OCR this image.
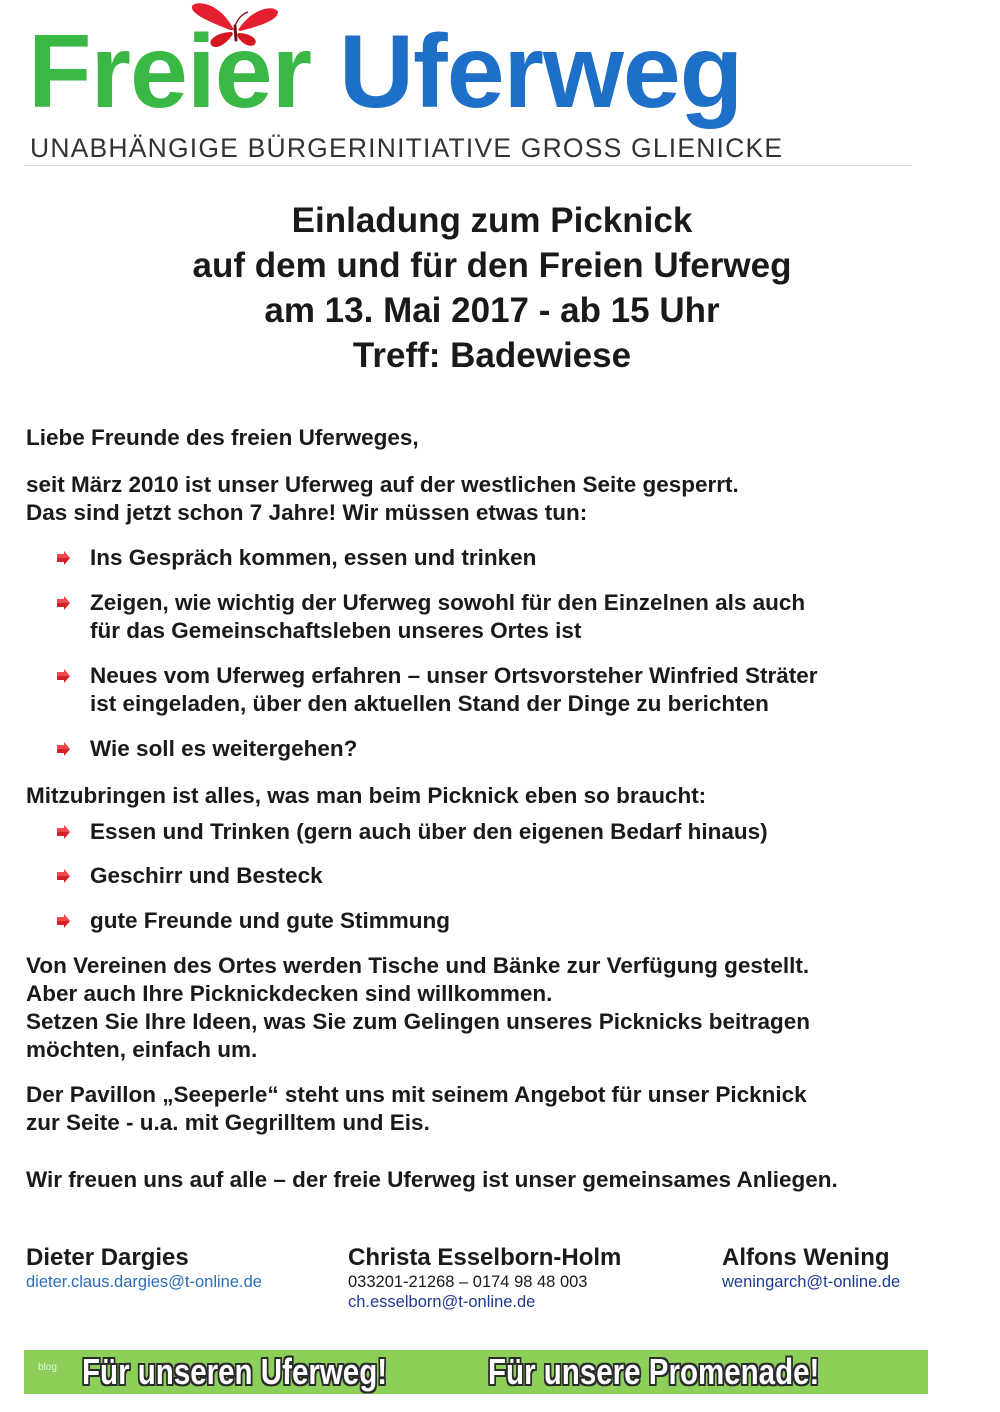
Freier Uferweg
UNABHÄNGIGE BÜRGERINITIATIVE GROSS GLIENICKE
Einladung zum Picknick
auf dem und für den Freien Uferweg
am 13. Mai 2017 - ab 15 Uhr
Treff: Badewiese
Liebe Freunde des freien Uferweges,
seit März 2010 ist unser Uferweg auf der westlichen Seite gesperrt.
Das sind jetzt schon 7 Jahre! Wir müssen etwas tun:
Ins Gespräch kommen, essen und trinken
Zeigen, wie wichtig der Uferweg sowohl für den Einzelnen als auch
für das Gemeinschaftsleben unseres Ortes ist
Neues vom Uferweg erfahren – unser Ortsvorsteher Winfried Sträter
ist eingeladen, über den aktuellen Stand der Dinge zu berichten
Wie soll es weitergehen?
Mitzubringen ist alles, was man beim Picknick eben so braucht:
Essen und Trinken (gern auch über den eigenen Bedarf hinaus)
Geschirr und Besteck
gute Freunde und gute Stimmung
Von Vereinen des Ortes werden Tische und Bänke zur Verfügung gestellt.
Aber auch Ihre Picknickdecken sind willkommen.
Setzen Sie Ihre Ideen, was Sie zum Gelingen unseres Picknicks beitragen
möchten, einfach um.
Der Pavillon „Seeperle“ steht uns mit seinem Angebot für unser Picknick
zur Seite - u.a. mit Gegrilltem und Eis.
Wir freuen uns auf alle – der freie Uferweg ist unser gemeinsames Anliegen.
Dieter Dargies
dieter.claus.dargies@t-online.de
Christa Esselborn-Holm
033201-21268 – 0174 98 48 003
ch.esselborn@t-online.de
Alfons Wening
weningarch@t-online.de
blog Für unseren Uferweg!	Für unsere Promenade!
